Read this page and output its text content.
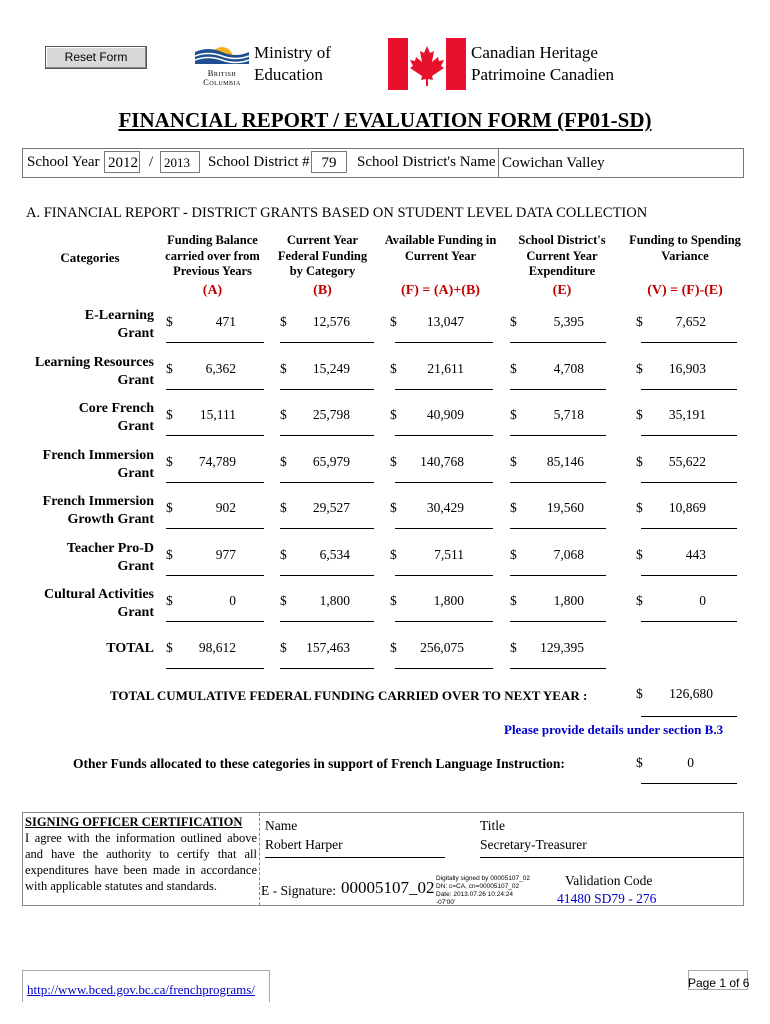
Reset Form
British
Columbia
Ministry of
Education
Canadian Heritage
Patrimoine Canadien
FINANCIAL REPORT / EVALUATION FORM (FP01-SD)
School Year 2012 / 2013	School District # 79	School District's Name Cowichan Valley
A. FINANCIAL REPORT - DISTRICT GRANTS BASED ON STUDENT LEVEL DATA COLLECTION
Categories
Funding Balance
carried over from
Previous Years
(A)
Current Year
Federal Funding
by Category
(B)
Available Funding in
Current Year
(F) = (A)+(B)
School District's
Current Year
Expenditure
(E)
Funding to Spending
Variance
(V) = (F)-(E)
E-Learning
Grant
$	471	$	12,576	$	13,047	$	5,395	$	7,652
Learning Resources
Grant
$	6,362	$	15,249	$	21,611	$	4,708	$	16,903
Core French
Grant
$	15,111	$	25,798	$	40,909	$	5,718	$	35,191
French Immersion
Grant
$	74,789	$	65,979	$	140,768	$	85,146	$	55,622
French Immersion
Growth Grant
$	902	$	29,527	$	30,429	$	19,560	$	10,869
Teacher Pro-D
Grant
$	977	$	6,534	$	7,511	$	7,068	$	443
Cultural Activities
Grant
$	0	$	1,800	$	1,800	$	1,800	$	0
TOTAL $	98,612	$	157,463	$	256,075	$	129,395
TOTAL CUMULATIVE FEDERAL FUNDING CARRIED OVER TO NEXT YEAR :	$	126,680
Please provide details under section B.3
Other Funds allocated to these categories in support of French Language Instruction:	$	0
SIGNING OFFICER CERTIFICATION
I agree with the information outlined above and have the authority to certify that all expenditures have been made in accordance with applicable statutes and standards.
Name
Robert Harper
Title
Secretary-Treasurer
E - Signature: 00005107_02 Digitally signed by 00005107_02
DN: c=CA, cn=00005107_02
Date: 2013.07.26 10:24:24 -07'00'
Validation Code
41480 SD79 - 276
http://www.bced.gov.bc.ca/frenchprograms/	Page 1 of 6
